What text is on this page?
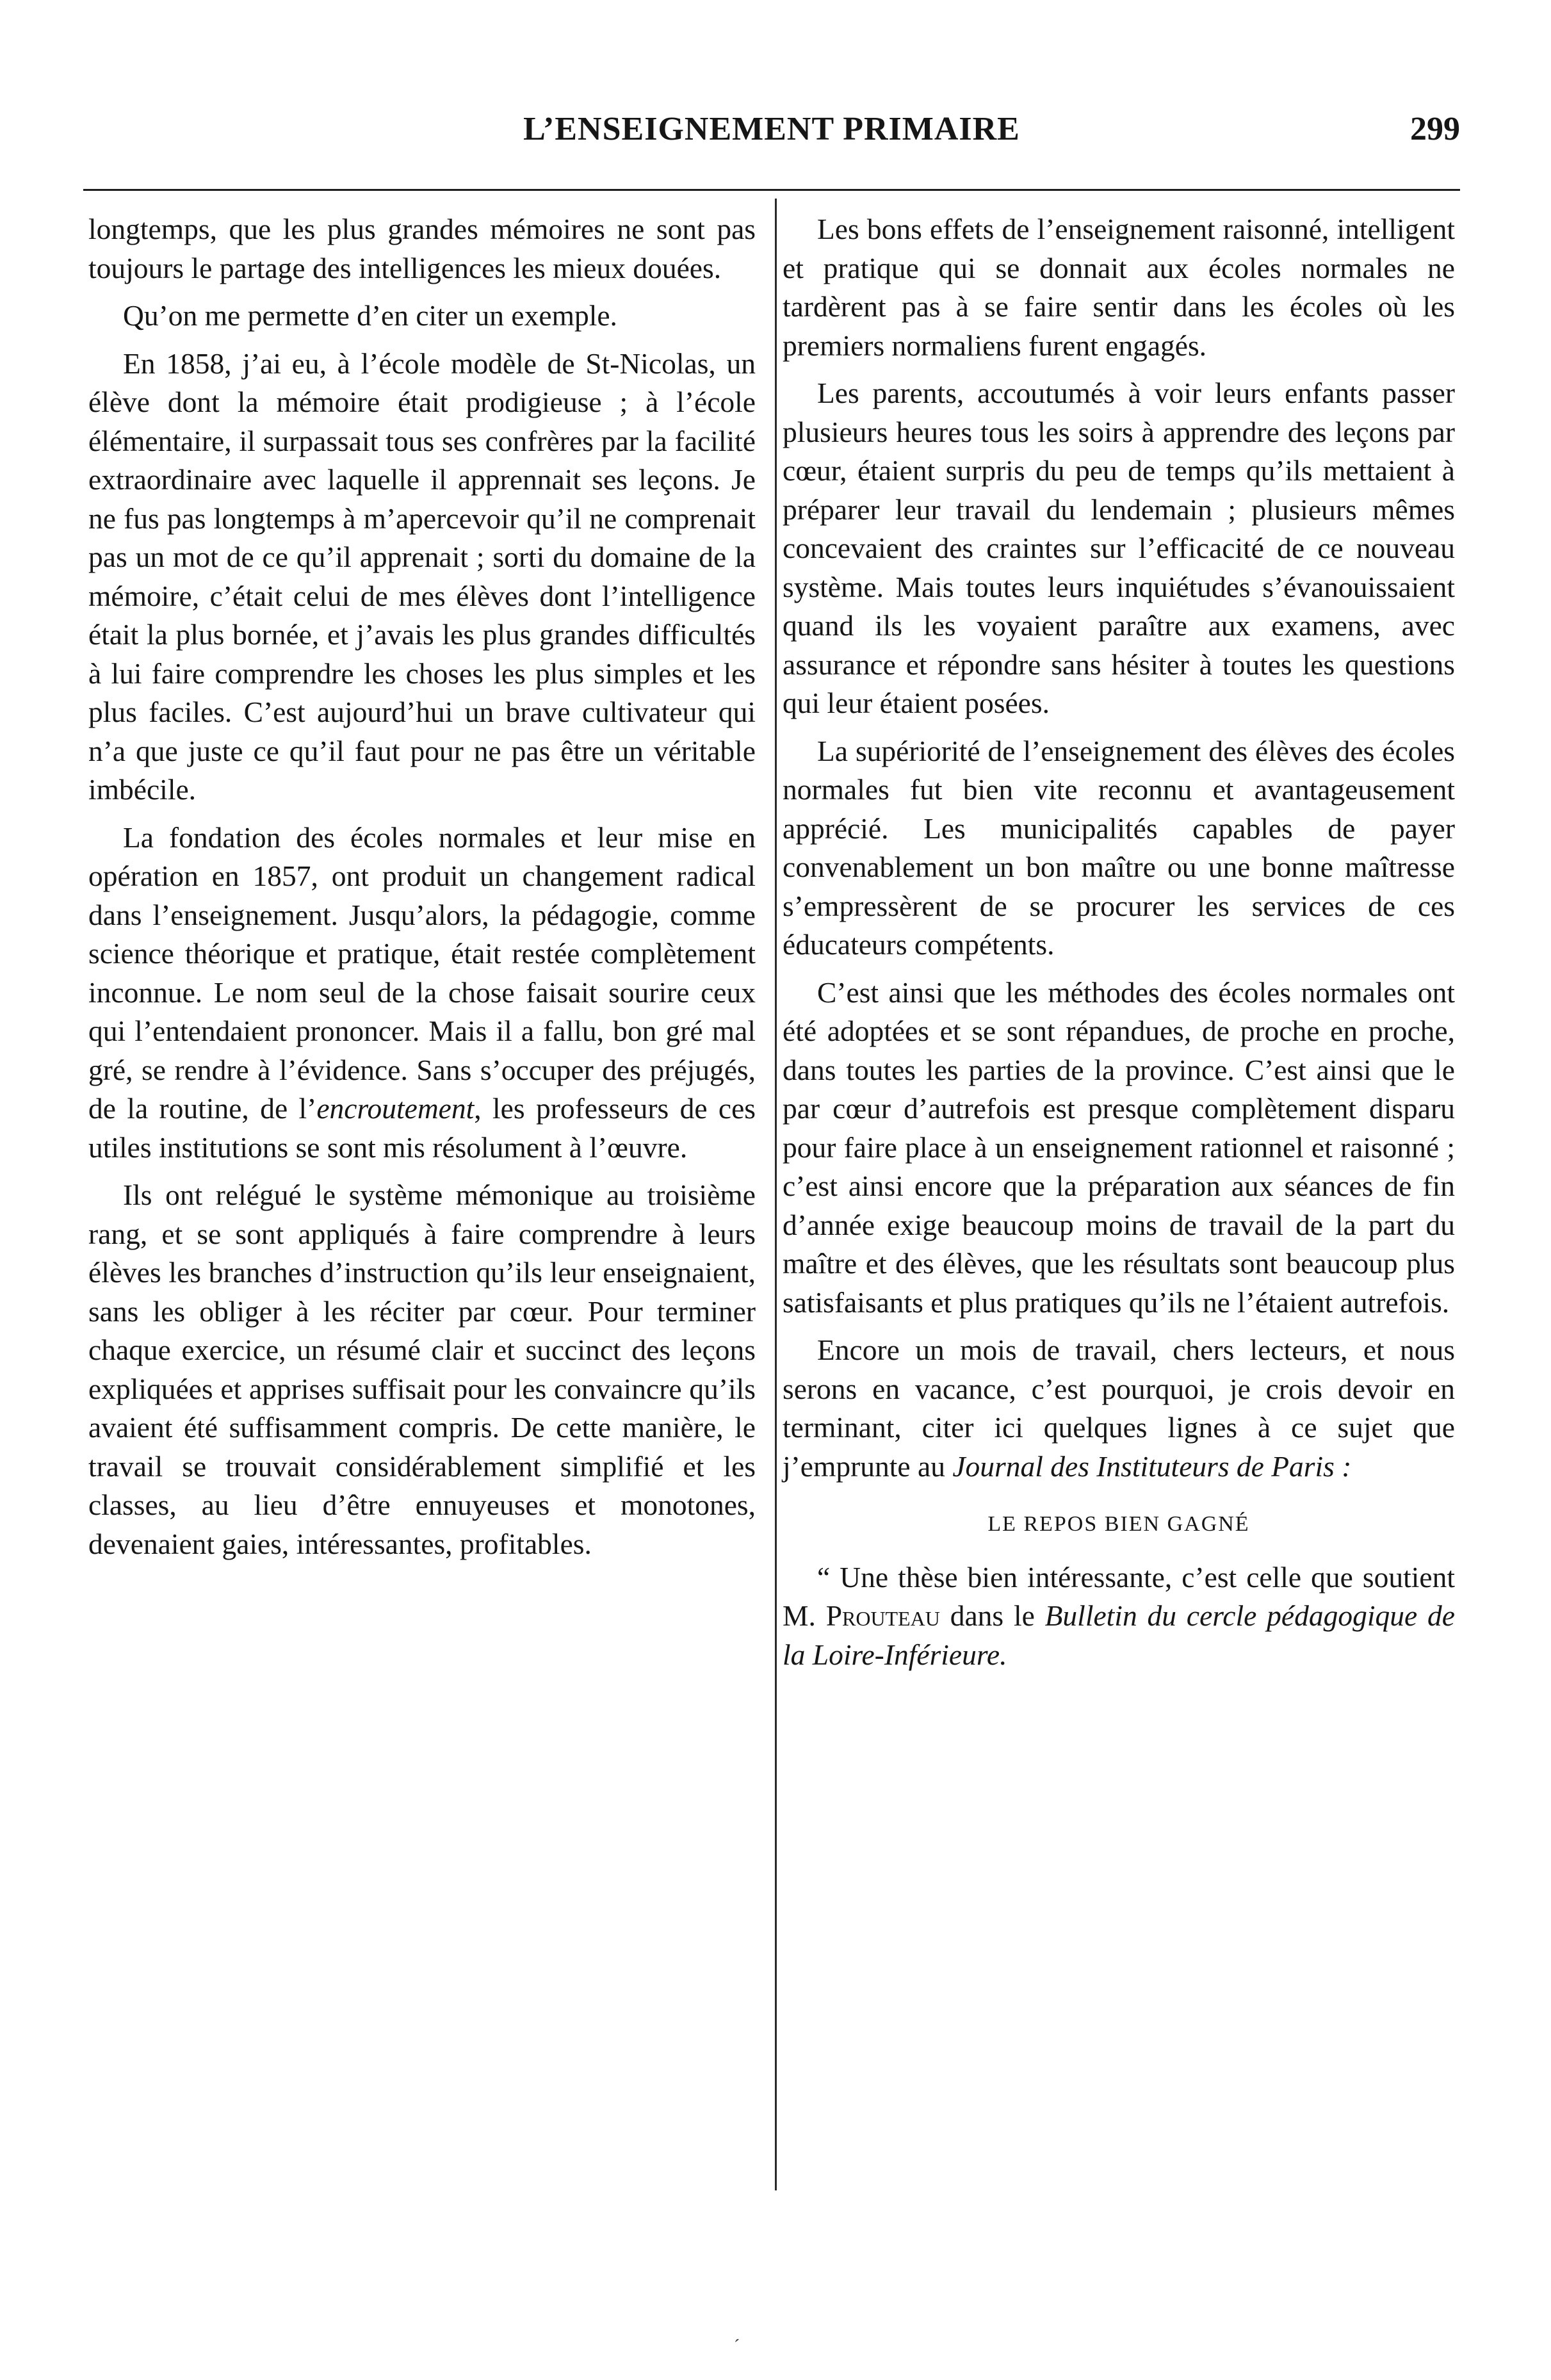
L’ENSEIGNEMENT PRIMAIRE	299

longtemps, que les plus grandes mémoires ne sont pas toujours le partage des intelligences les mieux douées.

Qu’on me permette d’en citer un exemple.

En 1858, j’ai eu, à l’école modèle de St-Nicolas, un élève dont la mémoire était prodigieuse ; à l’école élémentaire, il surpassait tous ses confrères par la facilité extraordinaire avec laquelle il apprennait ses leçons. Je ne fus pas longtemps à m’apercevoir qu’il ne comprenait pas un mot de ce qu’il apprenait ; sorti du domaine de la mémoire, c’était celui de mes élèves dont l’intelligence était la plus bornée, et j’avais les plus grandes difficultés à lui faire comprendre les choses les plus simples et les plus faciles. C’est aujourd’hui un brave cultivateur qui n’a que juste ce qu’il faut pour ne pas être un véritable imbécile.

La fondation des écoles normales et leur mise en opération en 1857, ont produit un changement radical dans l’enseignement. Jusqu’alors, la pédagogie, comme science théorique et pratique, était restée complètement inconnue. Le nom seul de la chose faisait sourire ceux qui l’entendaient prononcer. Mais il a fallu, bon gré mal gré, se rendre à l’évidence. Sans s’occuper des préjugés, de la routine, de l’encroutement, les professeurs de ces utiles institutions se sont mis résolument à l’œuvre.

Ils ont relégué le système mémonique au troisième rang, et se sont appliqués à faire comprendre à leurs élèves les branches d’instruction qu’ils leur enseignaient, sans les obliger à les réciter par cœur. Pour terminer chaque exercice, un résumé clair et succinct des leçons expliquées et apprises suffisait pour les convaincre qu’ils avaient été suffisamment compris. De cette manière, le travail se trouvait considérablement simplifié et les classes, au lieu d’être ennuyeuses et monotones, devenaient gaies, intéressantes, profitables.

Les bons effets de l’enseignement raisonné, intelligent et pratique qui se donnait aux écoles normales ne tardèrent pas à se faire sentir dans les écoles où les premiers normaliens furent engagés.

Les parents, accoutumés à voir leurs enfants passer plusieurs heures tous les soirs à apprendre des leçons par cœur, étaient surpris du peu de temps qu’ils mettaient à préparer leur travail du lendemain ; plusieurs mêmes concevaient des craintes sur l’efficacité de ce nouveau système. Mais toutes leurs inquiétudes s’évanouissaient quand ils les voyaient paraître aux examens, avec assurance et répondre sans hésiter à toutes les questions qui leur étaient posées.

La supériorité de l’enseignement des élèves des écoles normales fut bien vite reconnu et avantageusement apprécié. Les municipalités capables de payer convenablement un bon maître ou une bonne maîtresse s’empressèrent de se procurer les services de ces éducateurs compétents.

C’est ainsi que les méthodes des écoles normales ont été adoptées et se sont répandues, de proche en proche, dans toutes les parties de la province. C’est ainsi que le par cœur d’autrefois est presque complètement disparu pour faire place à un enseignement rationnel et raisonné ; c’est ainsi encore que la préparation aux séances de fin d’année exige beaucoup moins de travail de la part du maître et des élèves, que les résultats sont beaucoup plus satisfaisants et plus pratiques qu’ils ne l’étaient autrefois.

Encore un mois de travail, chers lecteurs, et nous serons en vacance, c’est pourquoi, je crois devoir en terminant, citer ici quelques lignes à ce sujet que j’emprunte au Journal des Instituteurs de Paris :

LE REPOS BIEN GAGNÉ

“ Une thèse bien intéressante, c’est celle que soutient M. Prouteau dans le Bulletin du cercle pédagogique de la Loire-Inférieure.

´
